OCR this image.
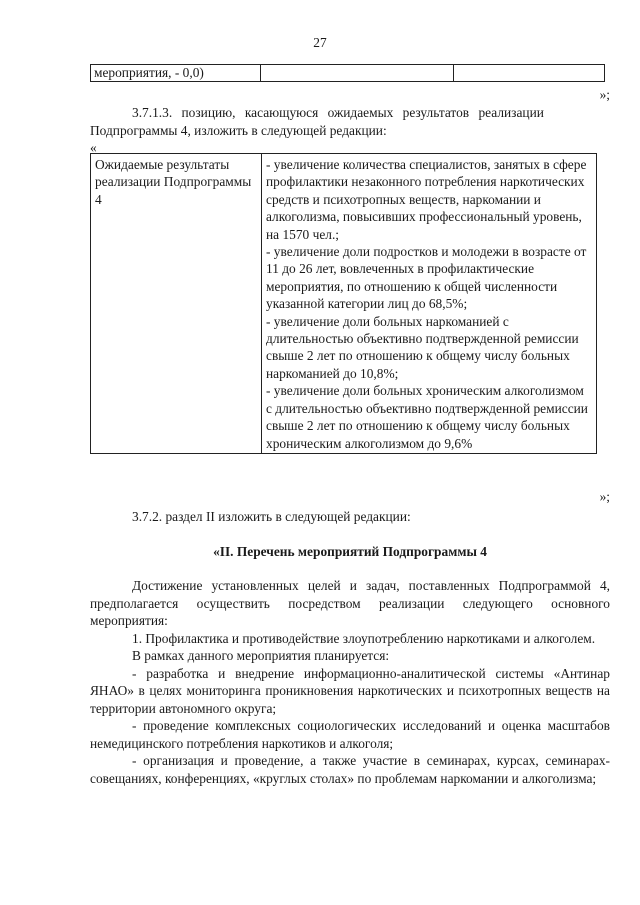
27
мероприятия, - 0,0)		
»;
3.7.1.3. позицию, касающуюся ожидаемых результатов реализации
Подпрограммы 4, изложить в следующей редакции:
«
Ожидаемые результаты реализации Подпрограммы 4	

- увеличение количества специалистов, занятых в сфере профилактики незаконного потребления наркотических средств и психотропных веществ, наркомании и алкоголизма, повысивших профессиональный уровень, на 1570 чел.;

- увеличение доли подростков и молодежи в возрасте от 11 до 26 лет, вовлеченных в профилактические мероприятия, по отношению к общей численности указанной категории лиц до 68,5%;

- увеличение доли больных наркоманией с длительностью объективно подтвержденной ремиссии свыше 2 лет по отношению к общему числу больных наркоманией до 10,8%;

- увеличение доли больных хроническим алкоголизмом с длительностью объективно подтвержденной ремиссии свыше 2 лет по отношению к общему числу больных хроническим алкоголизмом до 9,6%

»;
3.7.2. раздел II изложить в следующей редакции:
«II. Перечень мероприятий Подпрограммы 4

Достижение установленных целей и задач, поставленных Подпрограммой 4, предполагается осуществить посредством реализации следующего основного мероприятия:

1. Профилактика и противодействие злоупотреблению наркотиками и алкоголем.

В рамках данного мероприятия планируется:

- разработка и внедрение информационно-аналитической системы «Антинар ЯНАО» в целях мониторинга проникновения наркотических и психотропных веществ на территории автономного округа;

- проведение комплексных социологических исследований и оценка масштабов немедицинского потребления наркотиков и алкоголя;

- организация и проведение, а также участие в семинарах, курсах, семинарах-совещаниях, конференциях, «круглых столах» по проблемам наркомании и алкоголизма;
